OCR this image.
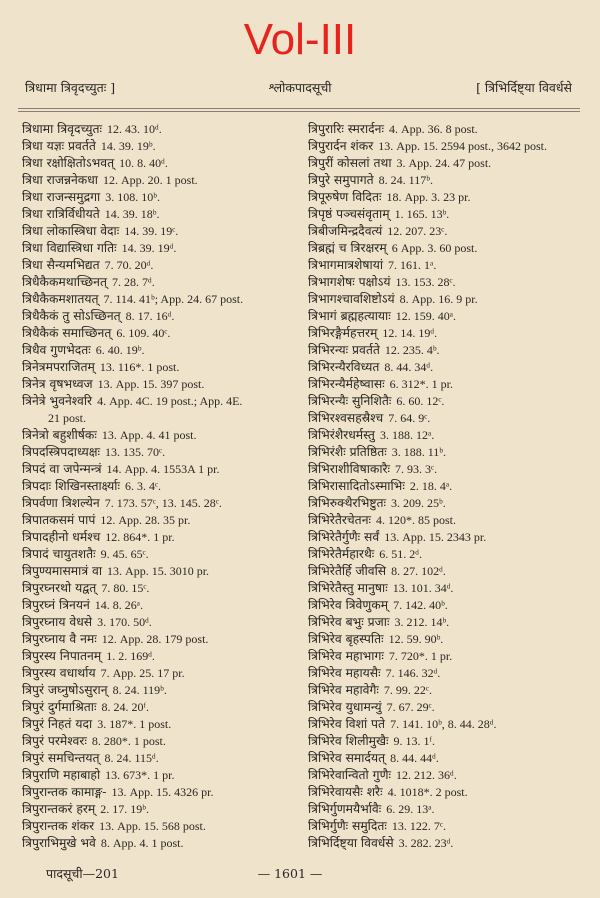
Vol-III
त्रिधामा त्रिवृदच्युतः ]	श्लोकपादसूची	[ त्रिभिर्दिष्ट्या विवर्धसे
त्रिधामा त्रिवृदच्युतः 12. 43. 10ᵈ.
त्रिधा यज्ञः प्रवर्तते 14. 39. 19ᵇ.
त्रिधा रक्षोक्षितोऽभवत् 10. 8. 40ᵈ.
त्रिधा राजन्ननेकधा 12. App. 20. 1 post.
त्रिधा राजन्समुद्रगा 3. 108. 10ᵇ.
त्रिधा रात्रिर्विधीयते 14. 39. 18ᵇ.
त्रिधा लोकास्त्रिधा वेदाः 14. 39. 19ᶜ.
त्रिधा विद्यास्त्रिधा गतिः 14. 39. 19ᵈ.
त्रिधा सैन्यमभिद्यत 7. 70. 20ᵈ.
त्रिधैकैकमथाच्छिनत् 7. 28. 7ᵈ.
त्रिधैकैकमशातयत् 7. 114. 41ᵇ; App. 24. 67 post.
त्रिधैकैकं तु सोऽच्छिनत् 8. 17. 16ᵈ.
त्रिधैकैकं समाच्छिनत् 6. 109. 40ᶜ.
त्रिधैव गुणभेदतः 6. 40. 19ᵇ.
त्रिनेत्रमपराजितम् 13. 116*. 1 post.
त्रिनेत्र वृषभध्वज 13. App. 15. 397 post.
त्रिनेत्रे भुवनेश्वरि 4. App. 4C. 19 post.; App. 4E.
21 post.
त्रिनेत्रो बहुशीर्षकः 13. App. 4. 41 post.
त्रिपदस्त्रिपदाध्यक्षः 13. 135. 70ᶜ.
त्रिपदं वा जपेन्मन्त्रं 14. App. 4. 1553A 1 pr.
त्रिपदाः शिखिनस्तार्क्ष्याः 6. 3. 4ᶜ.
त्रिपर्वणा त्रिशल्येन 7. 173. 57ᶜ, 13. 145. 28ᶜ.
त्रिपातकसमं पापं 12. App. 28. 35 pr.
त्रिपादहीनो धर्मश्च 12. 864*. 1 pr.
त्रिपादं चायुतशतैः 9. 45. 65ᶜ.
त्रिपुण्यमासमात्रं वा 13. App. 15. 3010 pr.
त्रिपुरघ्नरथो यद्वत् 7. 80. 15ᶜ.
त्रिपुरघ्नं त्रिनयनं 14. 8. 26ᵃ.
त्रिपुरघ्नाय वेधसे 3. 170. 50ᵈ.
त्रिपुरघ्नाय वै नमः 12. App. 28. 179 post.
त्रिपुरस्य निपातनम् 1. 2. 169ᵈ.
त्रिपुरस्य वधार्थाय 7. App. 25. 17 pr.
त्रिपुरं जघ्नुषोऽसुरान् 8. 24. 119ᵇ.
त्रिपुरं दुर्गमाश्रिताः 8. 24. 20ᶠ.
त्रिपुरं निहतं यदा 3. 187*. 1 post.
त्रिपुरं परमेश्वरः 8. 280*. 1 post.
त्रिपुरं समचिन्तयत् 8. 24. 115ᵈ.
त्रिपुराणि महाबाहो 13. 673*. 1 pr.
त्रिपुरान्तक कामाङ्ग- 13. App. 15. 4326 pr.
त्रिपुरान्तकरं हरम् 2. 17. 19ᵇ.
त्रिपुरान्तक शंकर 13. App. 15. 568 post.
त्रिपुराभिमुखे भवे 8. App. 4. 1 post.
त्रिपुरारिः स्मरार्दनः 4. App. 36. 8 post.
त्रिपुरार्दन शंकर 13. App. 15. 2594 post., 3642 post.
त्रिपुरीं कोसलां तथा 3. App. 24. 47 post.
त्रिपुरे समुपागते 8. 24. 117ᵇ.
त्रिपूरुषेण विदितः 18. App. 3. 23 pr.
त्रिपृष्ठं पञ्चसंवृताम् 1. 165. 13ᵇ.
त्रिबीजमिन्द्रदैवत्यं 12. 207. 23ᶜ.
त्रिब्रह्मं च त्रिरक्षरम् 6 App. 3. 60 post.
त्रिभागमात्रशेषायां 7. 161. 1ᵃ.
त्रिभागशेषः पक्षोऽयं 13. 153. 28ᶜ.
त्रिभागश्चावशिष्टोऽयं 8. App. 16. 9 pr.
त्रिभागं ब्रह्महत्यायाः 12. 159. 40ᵃ.
त्रिभिरङ्गैर्महत्तरम् 12. 14. 19ᵈ.
त्रिभिरन्यः प्रवर्तते 12. 235. 4ᵇ.
त्रिभिरन्यैरविध्यत 8. 44. 34ᵈ.
त्रिभिरन्यैर्महेष्वासः 6. 312*. 1 pr.
त्रिभिरन्यैः सुनिशितैः 6. 60. 12ᶜ.
त्रिभिरश्वसहस्रैश्च 7. 64. 9ᶜ.
त्रिभिरंशैरधर्मस्तु 3. 188. 12ᵃ.
त्रिभिरंशैः प्रतिष्ठितः 3. 188. 11ᵇ.
त्रिभिराशीविषाकारैः 7. 93. 3ᶜ.
त्रिभिरासादितोऽस्माभिः 2. 18. 4ᵃ.
त्रिभिरुक्थैरभिष्टुतः 3. 209. 25ᵇ.
त्रिभिरेतैरचेतनः 4. 120*. 85 post.
त्रिभिरेतैर्गुणैः सर्वं 13. App. 15. 2343 pr.
त्रिभिरेतैर्महारथैः 6. 51. 2ᵈ.
त्रिभिरेतैर्हि जीवसि 8. 27. 102ᵈ.
त्रिभिरेतैस्तु मानुषाः 13. 101. 34ᵈ.
त्रिभिरेव त्रिवेणुकम् 7. 142. 40ᵇ.
त्रिभिरेव बभुः प्रजाः 3. 212. 14ᵇ.
त्रिभिरेव बृहस्पतिः 12. 59. 90ᵇ.
त्रिभिरेव महाभागः 7. 720*. 1 pr.
त्रिभिरेव महायसैः 7. 146. 32ᵈ.
त्रिभिरेव महावेगैः 7. 99. 22ᶜ.
त्रिभिरेव युधामन्युं 7. 67. 29ᶜ.
त्रिभिरेव विशां पते 7. 141. 10ᵇ, 8. 44. 28ᵈ.
त्रिभिरेव शिलीमुखैः 9. 13. 1ᶠ.
त्रिभिरेव समार्दयत् 8. 44. 44ᵈ.
त्रिभिरेवान्वितो गुणैः 12. 212. 36ᵈ.
त्रिभिरेवायसैः शरैः 4. 1018*. 2 post.
त्रिभिर्गुणमयैर्भावैः 6. 29. 13ᵃ.
त्रिभिर्गुणैः समुदितः 13. 122. 7ᶜ.
त्रिभिर्दिष्ट्या विवर्धसे 3. 282. 23ᵈ.
पादसूची—201	— 1601 —
